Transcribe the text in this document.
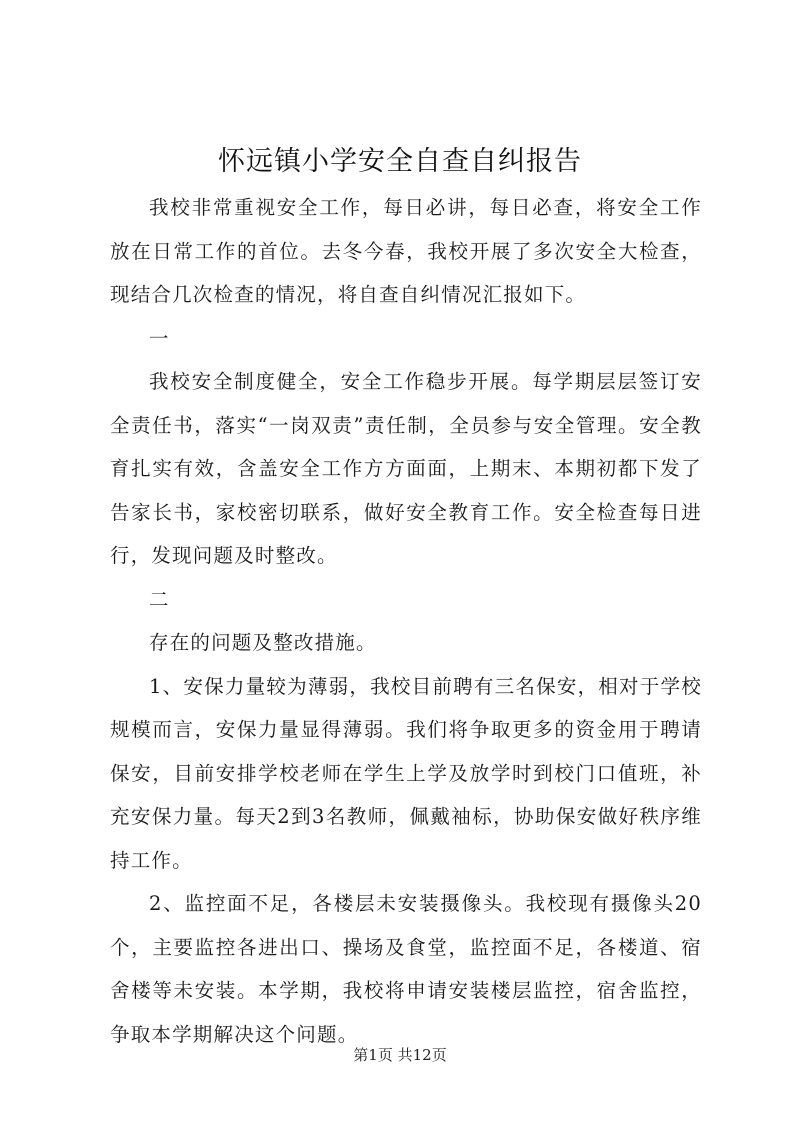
怀远镇小学安全自查自纠报告

我校非常重视安全工作，每日必讲，每日必查，将安全工作放在日常工作的首位。去冬今春，我校开展了多次安全大检查，现结合几次检查的情况，将自查自纠情况汇报如下。

一

我校安全制度健全，安全工作稳步开展。每学期层层签订安全责任书，落实“一岗双责”责任制，全员参与安全管理。安全教育扎实有效，含盖安全工作方方面面，上期末、本期初都下发了告家长书，家校密切联系，做好安全教育工作。安全检查每日进行，发现问题及时整改。

二

存在的问题及整改措施。

1、安保力量较为薄弱，我校目前聘有三名保安，相对于学校规模而言，安保力量显得薄弱。我们将争取更多的资金用于聘请保安，目前安排学校老师在学生上学及放学时到校门口值班，补充安保力量。每天2到3名教师，佩戴袖标，协助保安做好秩序维持工作。

2、监控面不足，各楼层未安装摄像头。我校现有摄像头20个，主要监控各进出口、操场及食堂，监控面不足，各楼道、宿舍楼等未安装。本学期，我校将申请安装楼层监控，宿舍监控，争取本学期解决这个问题。

第1页 共12页
